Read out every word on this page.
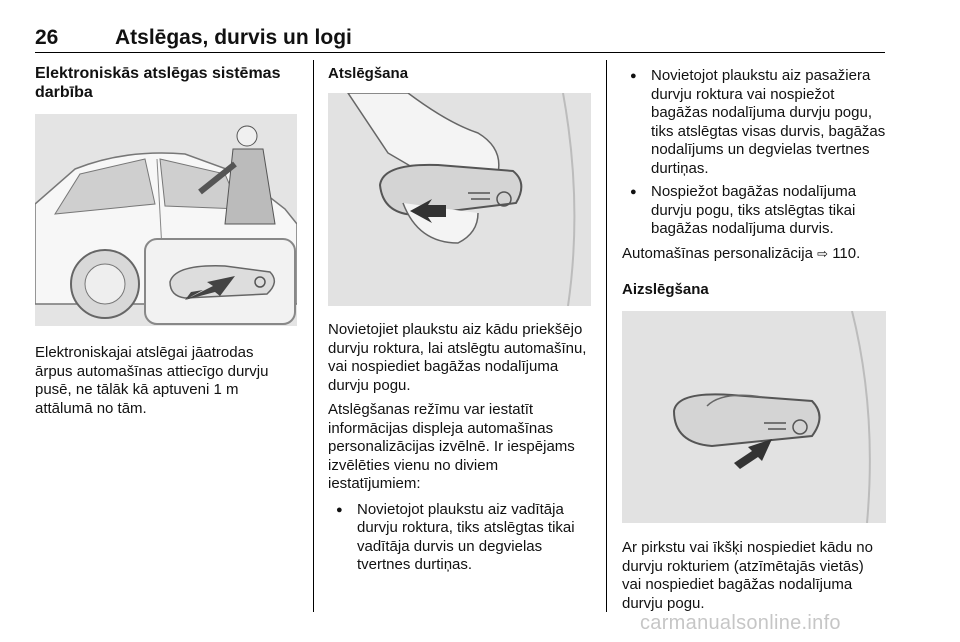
26	Atslēgas, durvis un logi
Elektroniskās atslēgas sistēmas darbība

Elektroniskajai atslēgai jāatrodas ārpus automašīnas attiecīgo durvju pusē, ne tālāk kā aptuveni 1 m attālumā no tām.

Atslēgšana

Novietojiet plaukstu aiz kādu priekšējo durvju roktura, lai atslēgtu automašīnu, vai nospiediet bagāžas nodalījuma durvju pogu.

Atslēgšanas režīmu var iestatīt informācijas displeja automašīnas personalizācijas izvēlnē. Ir iespējams izvēlēties vienu no diviem iestatījumiem:

● Novietojot plaukstu aiz vadītāja durvju roktura, tiks atslēgtas tikai vadītāja durvis un degvielas tvertnes durtiņas.
● Novietojot plaukstu aiz pasažiera durvju roktura vai nospiežot bagāžas nodalījuma durvju pogu, tiks atslēgtas visas durvis, bagāžas nodalījums un degvielas tvertnes durtiņas.
● Nospiežot bagāžas nodalījuma durvju pogu, tiks atslēgtas tikai bagāžas nodalījuma durvis.

Automašīnas personalizācija ⇨ 110.

Aizslēgšana

Ar pirkstu vai īkšķi nospiediet kādu no durvju rokturiem (atzīmētajās vietās) vai nospiediet bagāžas nodalījuma durvju pogu.

carmanualsonline.info
